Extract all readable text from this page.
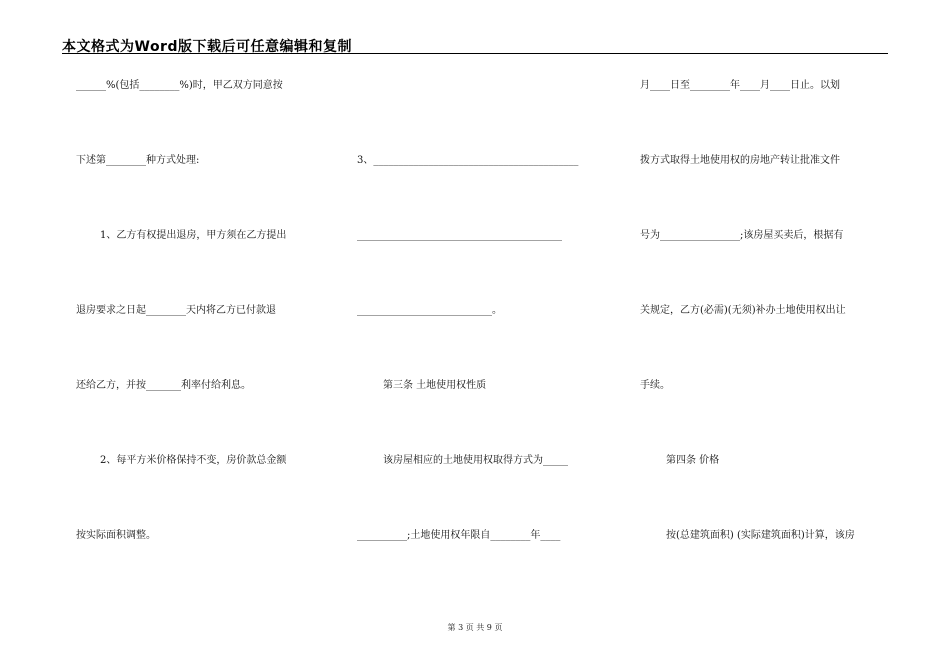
本文格式为Word版下载后可任意编辑和复制
______%(包括________%)时，甲乙双方同意按
下述第________种方式处理:
1、乙方有权提出退房，甲方须在乙方提出
退房要求之日起________天内将乙方已付款退
还给乙方，并按_______利率付给利息。
2、每平方米价格保持不变，房价款总金额
按实际面积调整。
3、_________________________________________
_________________________________________
___________________________。
第三条 土地使用权性质
该房屋相应的土地使用权取得方式为_____
__________;土地使用权年限自________年____
月____日至________年____月____日止。以划
拨方式取得土地使用权的房地产转让批准文件
号为________________;该房屋买卖后，根据有
关规定，乙方(必需)(无须)补办土地使用权出让
手续。
第四条 价格
按(总建筑面积) (实际建筑面积)计算，该房
第 3 页 共 9 页
